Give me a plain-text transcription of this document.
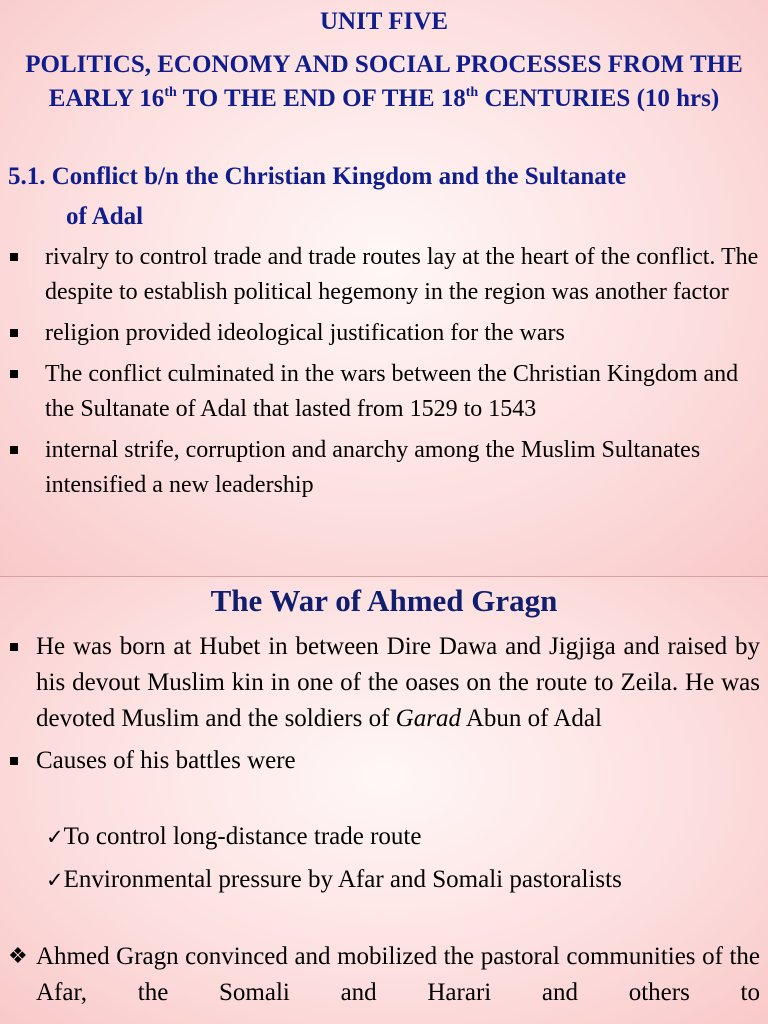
UNIT FIVE

POLITICS, ECONOMY AND SOCIAL PROCESSES FROM THE EARLY 16th TO THE END OF THE 18th CENTURIES (10 hrs)

5.1. Conflict b/n the Christian Kingdom and the Sultanate
of Adal

rivalry to control trade and trade routes lay at the heart of the conflict. The despite to establish political hegemony in the region was another factor
religion provided ideological justification for the wars
The conflict culminated in the wars between the Christian Kingdom and the Sultanate of Adal that lasted from 1529 to 1543
internal strife, corruption and anarchy among the Muslim Sultanates intensified a new leadership

The War of Ahmed Gragn

He was born at Hubet in between Dire Dawa and Jigjiga and raised by his devout Muslim kin in one of the oases on the route to Zeila. He was devoted Muslim and the soldiers of Garad Abun of Adal
Causes of his battles were
✓To control long-distance trade route
✓Environmental pressure by Afar and Somali pastoralists
❖ Ahmed Gragn convinced and mobilized the pastoral communities of the Afar, the Somali and Harari and others to
